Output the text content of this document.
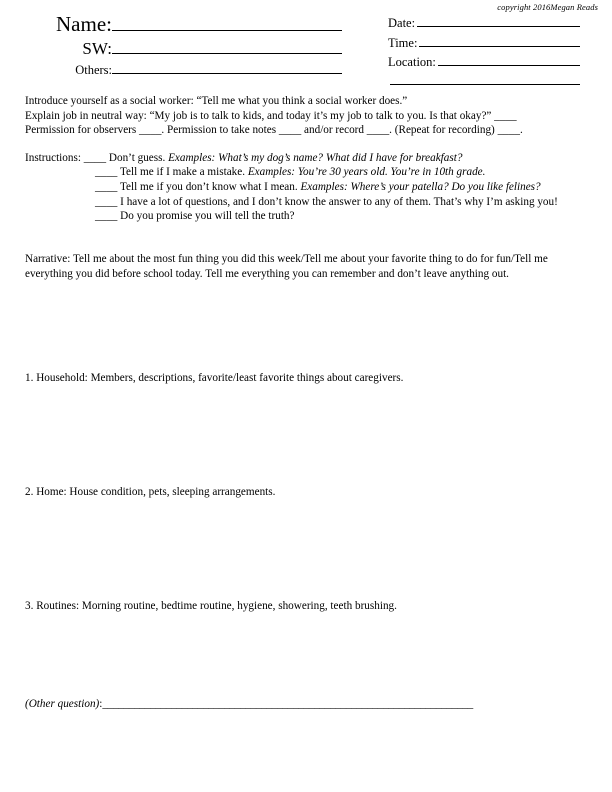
copyright 2016Megan Reads
Name:
SW:
Others:
Date:
Time:
Location:

Introduce yourself as a social worker: “Tell me what you think a social worker does.”

Explain job in neutral way: “My job is to talk to kids, and today it’s my job to talk to you. Is that okay?” ____

Permission for observers ____. Permission to take notes ____ and/or record ____. (Repeat for recording) ____.

Instructions: ____ Don’t guess. Examples: What’s my dog’s name? What did I have for breakfast?

____ Tell me if I make a mistake. Examples: You’re 30 years old. You’re in 10th grade.

____ Tell me if you don’t know what I mean. Examples: Where’s your patella? Do you like felines?

____ I have a lot of questions, and I don’t know the answer to any of them. That’s why I’m asking you!

____ Do you promise you will tell the truth?

Narrative: Tell me about the most fun thing you did this week/Tell me about your favorite thing to do for fun/Tell me everything you did before school today. Tell me everything you can remember and don’t leave anything out.
1. Household: Members, descriptions, favorite/least favorite things about caregivers.
2. Home: House condition, pets, sleeping arrangements.
3. Routines: Morning routine, bedtime routine, hygiene, showering, teeth brushing.
(Other question):______________________________________________________________________
